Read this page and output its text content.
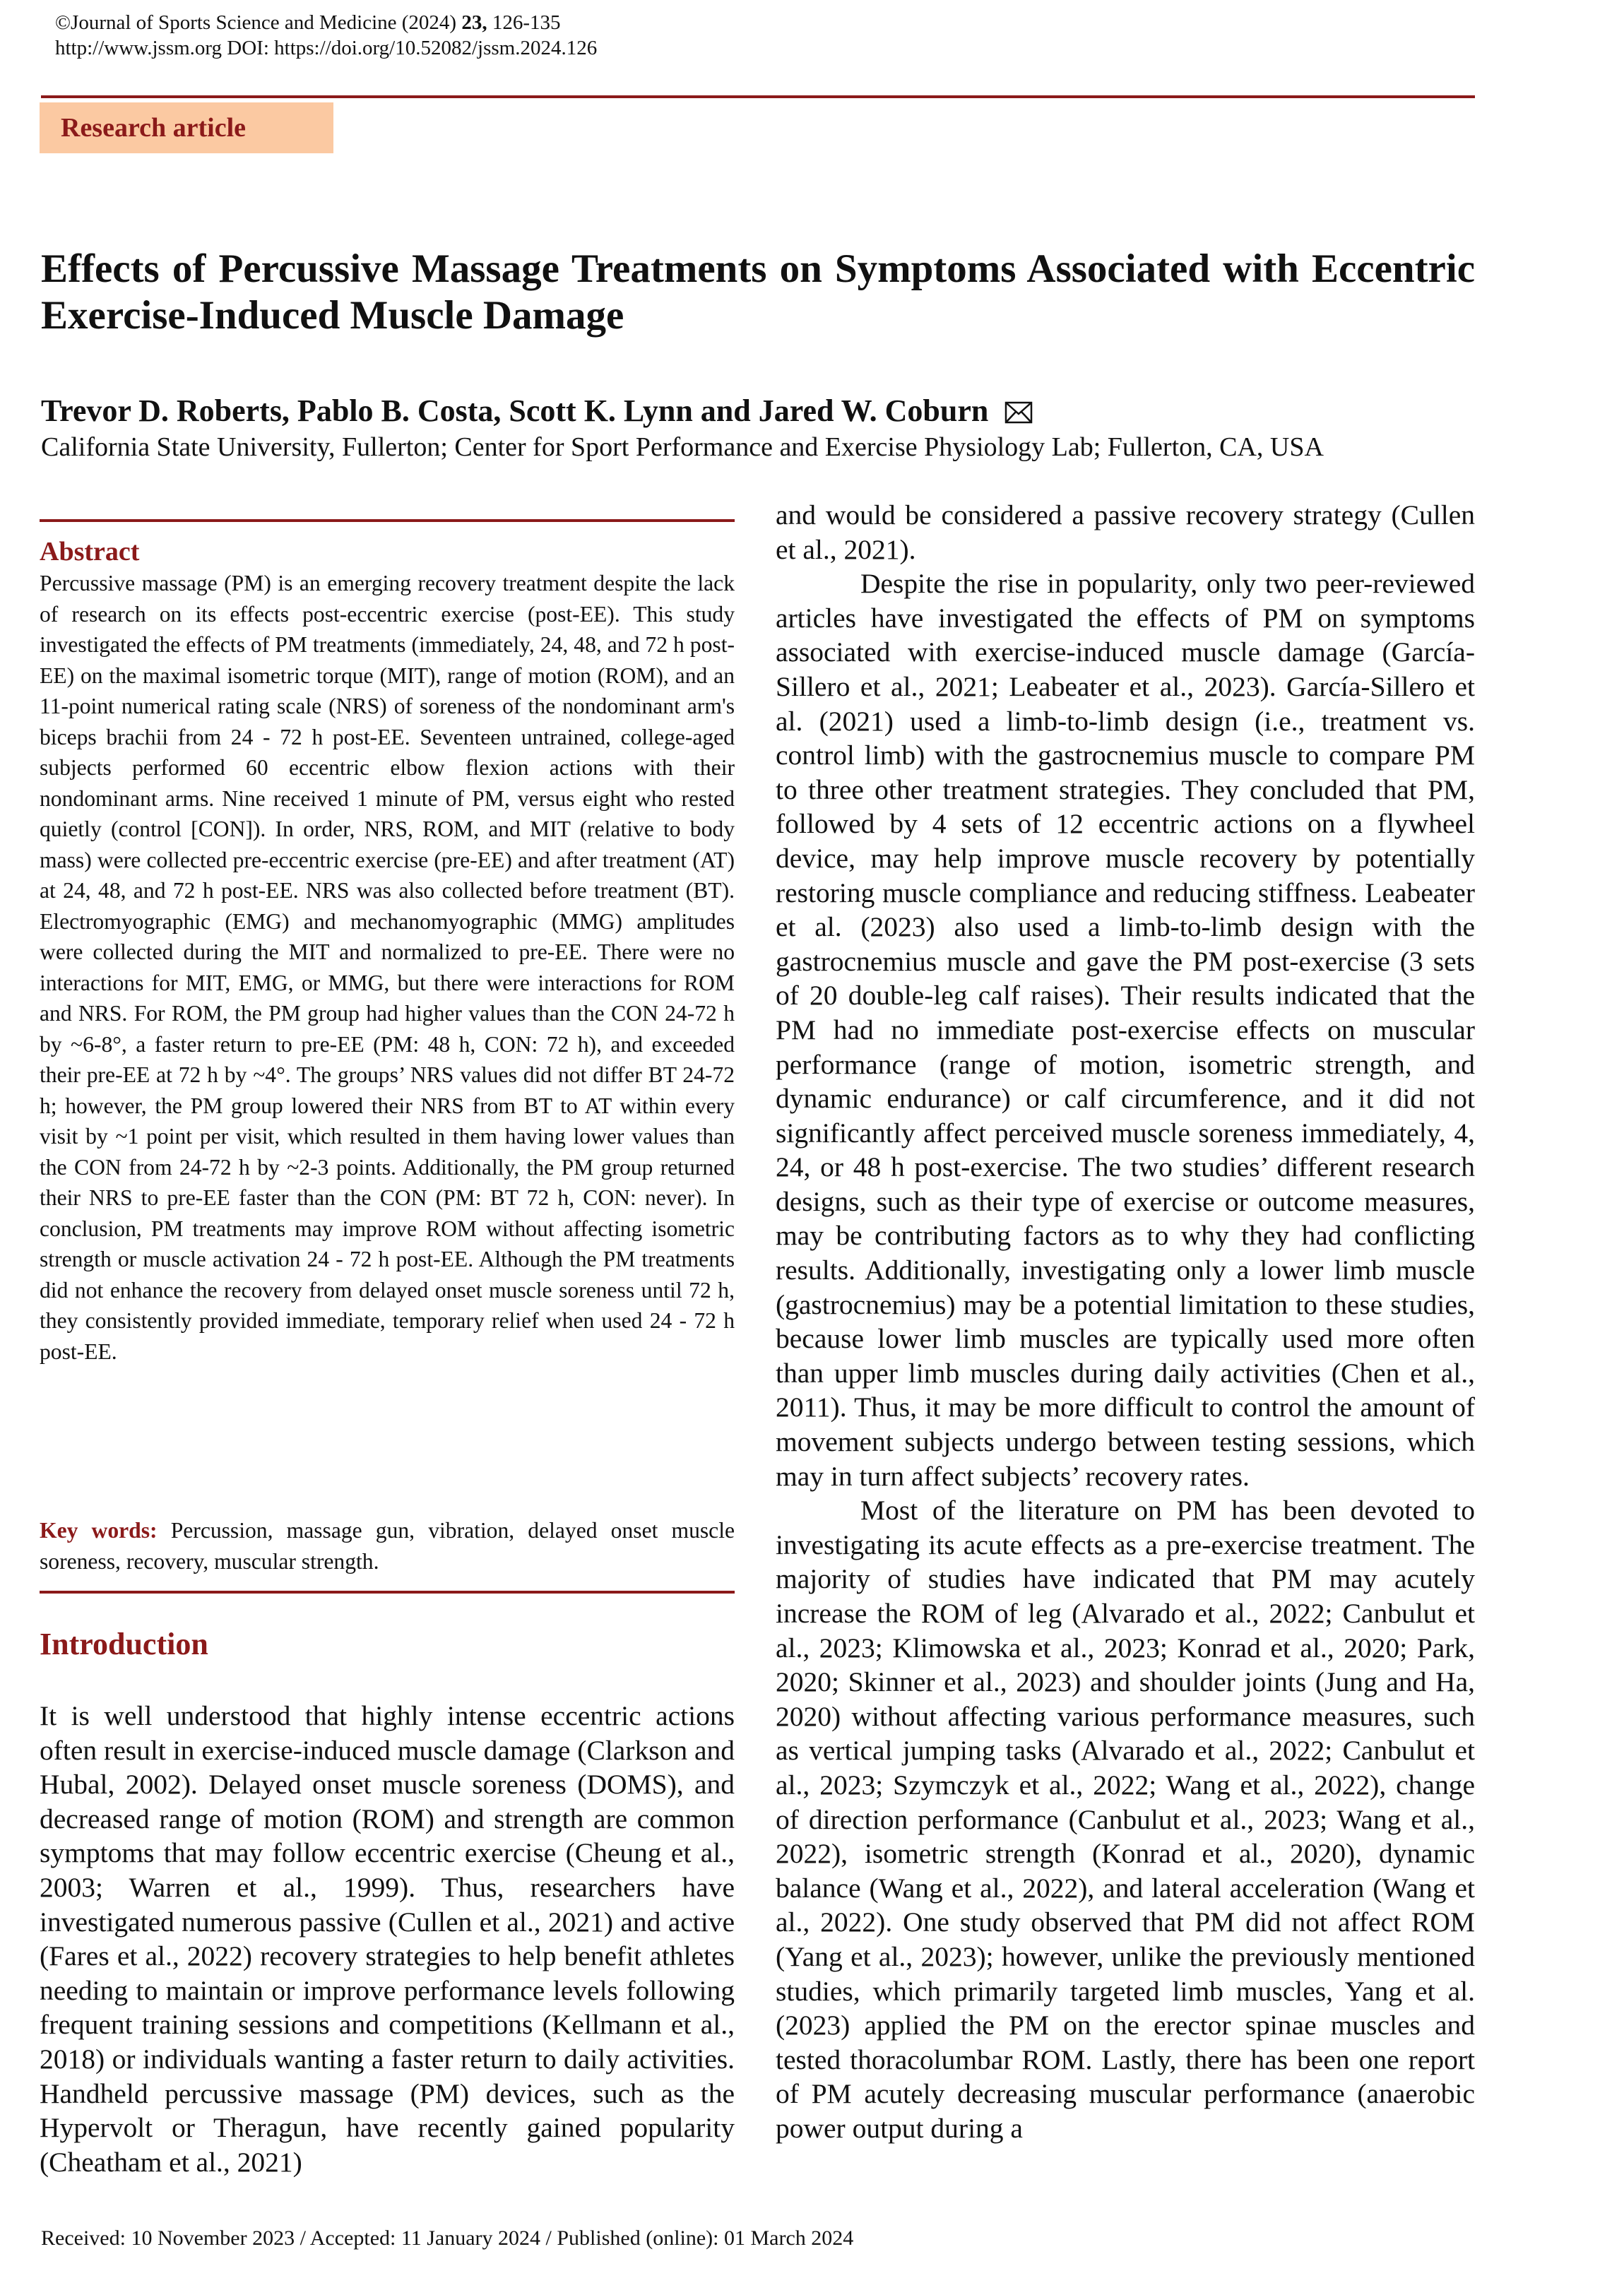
©Journal of Sports Science and Medicine (2024) 23, 126-135
http://www.jssm.org DOI: https://doi.org/10.52082/jssm.2024.126
Research article
Effects of Percussive Massage Treatments on Symptoms Associated with Eccentric Exercise-Induced Muscle Damage
Trevor D. Roberts, Pablo B. Costa, Scott K. Lynn and Jared W. Coburn
California State University, Fullerton; Center for Sport Performance and Exercise Physiology Lab; Fullerton, CA, USA
Abstract
Percussive massage (PM) is an emerging recovery treatment despite the lack of research on its effects post-eccentric exercise (post-EE). This study investigated the effects of PM treatments (immediately, 24, 48, and 72 h post-EE) on the maximal isometric torque (MIT), range of motion (ROM), and an 11-point numerical rating scale (NRS) of soreness of the nondominant arm's biceps brachii from 24 - 72 h post-EE. Seventeen untrained, college-aged subjects performed 60 eccentric elbow flexion actions with their nondominant arms. Nine received 1 minute of PM, versus eight who rested quietly (control [CON]). In order, NRS, ROM, and MIT (relative to body mass) were collected pre-eccentric exercise (pre-EE) and after treatment (AT) at 24, 48, and 72 h post-EE. NRS was also collected before treatment (BT). Electromyographic (EMG) and mechanomyographic (MMG) amplitudes were collected during the MIT and normalized to pre-EE. There were no interactions for MIT, EMG, or MMG, but there were interactions for ROM and NRS. For ROM, the PM group had higher values than the CON 24-72 h by ~6-8°, a faster return to pre-EE (PM: 48 h, CON: 72 h), and exceeded their pre-EE at 72 h by ~4°. The groups’ NRS values did not differ BT 24-72 h; however, the PM group lowered their NRS from BT to AT within every visit by ~1 point per visit, which resulted in them having lower values than the CON from 24-72 h by ~2-3 points. Additionally, the PM group returned their NRS to pre-EE faster than the CON (PM: BT 72 h, CON: never). In conclusion, PM treatments may improve ROM without affecting isometric strength or muscle activation 24 - 72 h post-EE. Although the PM treatments did not enhance the recovery from delayed onset muscle soreness until 72 h, they consistently provided immediate, temporary relief when used 24 - 72 h post-EE.
Key words: Percussion, massage gun, vibration, delayed onset muscle soreness, recovery, muscular strength.
Introduction
It is well understood that highly intense eccentric actions often result in exercise-induced muscle damage (Clarkson and Hubal, 2002). Delayed onset muscle soreness (DOMS), and decreased range of motion (ROM) and strength are common symptoms that may follow eccentric exercise (Cheung et al., 2003; Warren et al., 1999). Thus, researchers have investigated numerous passive (Cullen et al., 2021) and active (Fares et al., 2022) recovery strategies to help benefit athletes needing to maintain or improve performance levels following frequent training sessions and competitions (Kellmann et al., 2018) or individuals wanting a faster return to daily activities. Handheld percussive massage (PM) devices, such as the Hypervolt or Theragun, have recently gained popularity (Cheatham et al., 2021)

and would be considered a passive recovery strategy (Cullen et al., 2021).

Despite the rise in popularity, only two peer-reviewed articles have investigated the effects of PM on symptoms associated with exercise-induced muscle damage (García-Sillero et al., 2021; Leabeater et al., 2023). García-Sillero et al. (2021) used a limb-to-limb design (i.e., treatment vs. control limb) with the gastrocnemius muscle to compare PM to three other treatment strategies. They concluded that PM, followed by 4 sets of 12 eccentric actions on a flywheel device, may help improve muscle recovery by potentially restoring muscle compliance and reducing stiffness. Leabeater et al. (2023) also used a limb-to-limb design with the gastrocnemius muscle and gave the PM post-exercise (3 sets of 20 double-leg calf raises). Their results indicated that the PM had no immediate post-exercise effects on muscular performance (range of motion, isometric strength, and dynamic endurance) or calf circumference, and it did not significantly affect perceived muscle soreness immediately, 4, 24, or 48 h post-exercise. The two studies’ different research designs, such as their type of exercise or outcome measures, may be contributing factors as to why they had conflicting results. Additionally, investigating only a lower limb muscle (gastrocnemius) may be a potential limitation to these studies, because lower limb muscles are typically used more often than upper limb muscles during daily activities (Chen et al., 2011). Thus, it may be more difficult to control the amount of movement subjects undergo between testing sessions, which may in turn affect subjects’ recovery rates.

Most of the literature on PM has been devoted to investigating its acute effects as a pre-exercise treatment. The majority of studies have indicated that PM may acutely increase the ROM of leg (Alvarado et al., 2022; Canbulut et al., 2023; Klimowska et al., 2023; Konrad et al., 2020; Park, 2020; Skinner et al., 2023) and shoulder joints (Jung and Ha, 2020) without affecting various performance measures, such as vertical jumping tasks (Alvarado et al., 2022; Canbulut et al., 2023; Szymczyk et al., 2022; Wang et al., 2022), change of direction performance (Canbulut et al., 2023; Wang et al., 2022), isometric strength (Konrad et al., 2020), dynamic balance (Wang et al., 2022), and lateral acceleration (Wang et al., 2022). One study observed that PM did not affect ROM (Yang et al., 2023); however, unlike the previously mentioned studies, which primarily targeted limb muscles, Yang et al. (2023) applied the PM on the erector spinae muscles and tested thoracolumbar ROM. Lastly, there has been one report of PM acutely decreasing muscular performance (anaerobic power output during a

Received: 10 November 2023 / Accepted: 11 January 2024 / Published (online): 01 March 2024
